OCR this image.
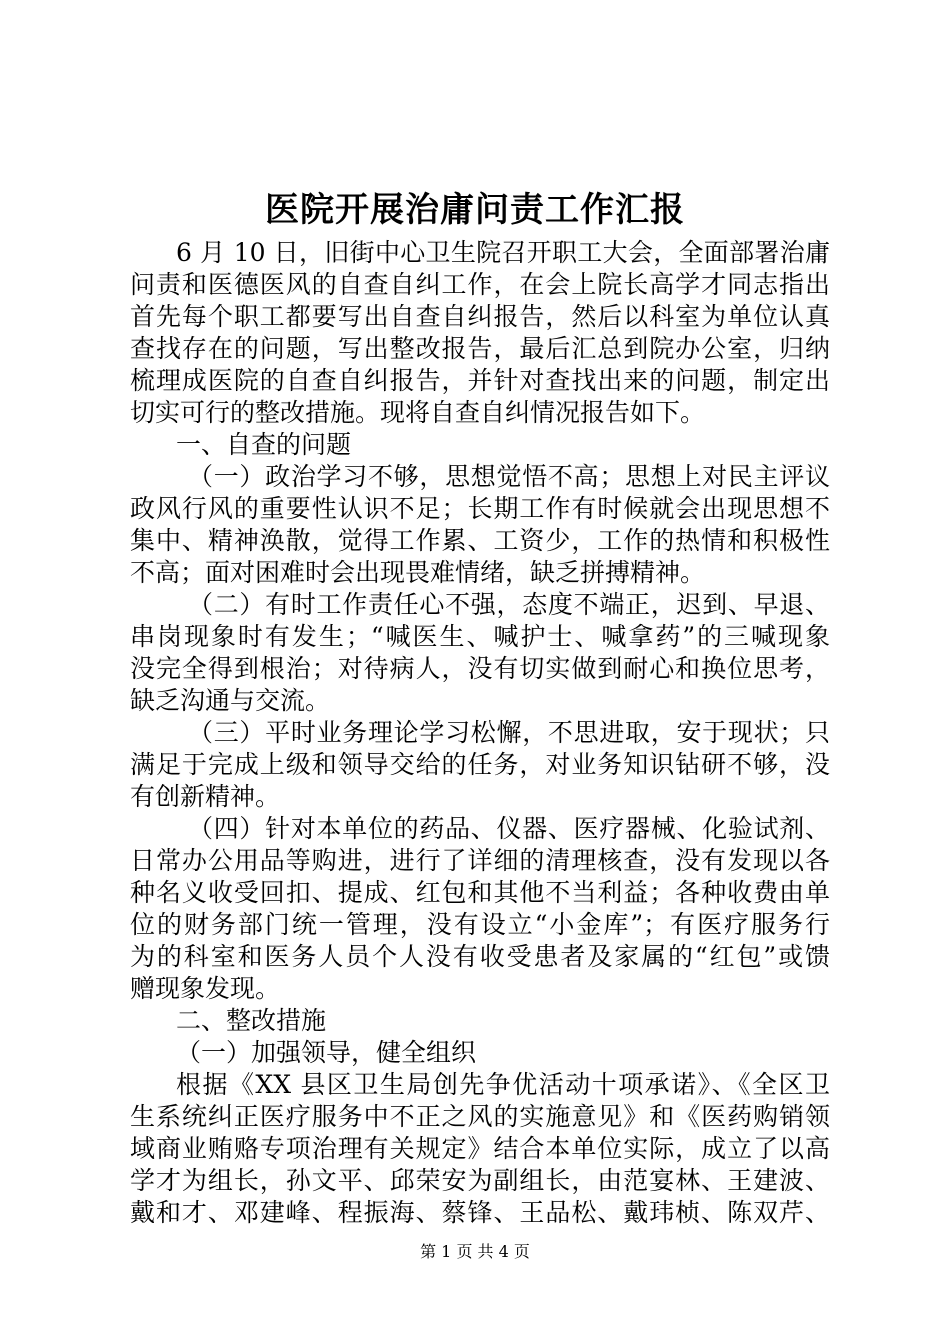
医院开展治庸问责工作汇报
6 月 10 日，旧街中心卫生院召开职工大会，全面部署治庸
问责和医德医风的自查自纠工作，在会上院长高学才同志指出
首先每个职工都要写出自查自纠报告，然后以科室为单位认真
查找存在的问题，写出整改报告，最后汇总到院办公室，归纳
梳理成医院的自查自纠报告，并针对查找出来的问题，制定出
切实可行的整改措施。现将自查自纠情况报告如下。
一、自查的问题
（一）政治学习不够，思想觉悟不高；思想上对民主评议
政风行风的重要性认识不足；长期工作有时候就会出现思想不
集中、精神涣散，觉得工作累、工资少，工作的热情和积极性
不高；面对困难时会出现畏难情绪，缺乏拼搏精神。
（二）有时工作责任心不强，态度不端正，迟到、早退、
串岗现象时有发生；“喊医生、喊护士、喊拿药”的三喊现象
没完全得到根治；对待病人，没有切实做到耐心和换位思考，
缺乏沟通与交流。
（三）平时业务理论学习松懈，不思进取，安于现状；只
满足于完成上级和领导交给的任务，对业务知识钻研不够，没
有创新精神。
（四）针对本单位的药品、仪器、医疗器械、化验试剂、
日常办公用品等购进，进行了详细的清理核查，没有发现以各
种名义收受回扣、提成、红包和其他不当利益；各种收费由单
位的财务部门统一管理，没有设立“小金库”；有医疗服务行
为的科室和医务人员个人没有收受患者及家属的“红包”或馈
赠现象发现。
二、整改措施
（一）加强领导，健全组织
根据《XX 县区卫生局创先争优活动十项承诺》、《全区卫
生系统纠正医疗服务中不正之风的实施意见》和《医药购销领
域商业贿赂专项治理有关规定》结合本单位实际，成立了以高
学才为组长，孙文平、邱荣安为副组长，由范宴林、王建波、
戴和才、邓建峰、程振海、蔡锋、王品松、戴玮桢、陈双芹、
第 1 页 共 4 页
